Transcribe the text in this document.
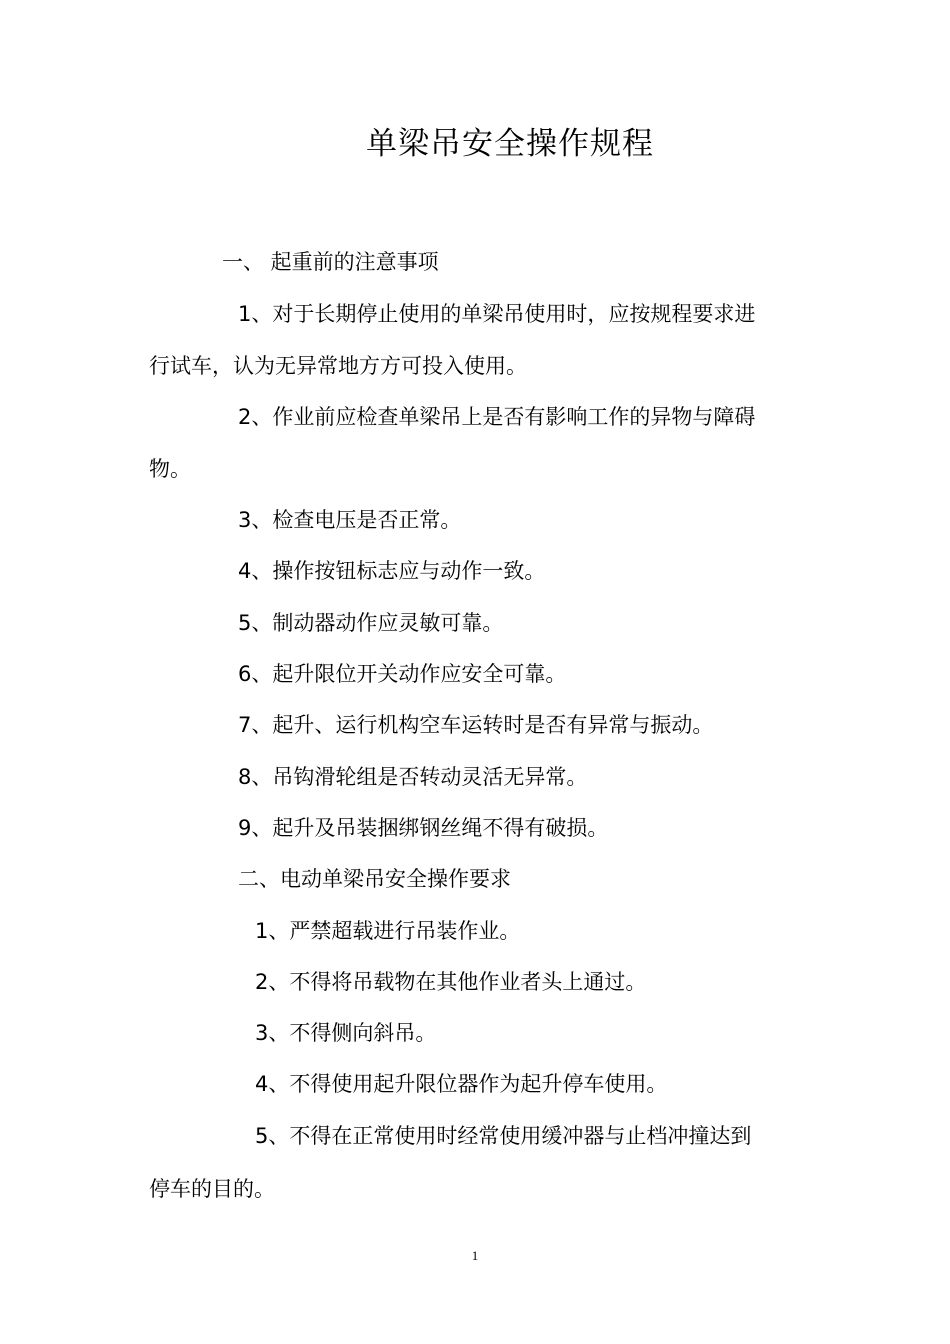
单梁吊安全操作规程
一、 起重前的注意事项
1、对于长期停止使用的单梁吊使用时，应按规程要求进
行试车，认为无异常地方方可投入使用。
2、作业前应检查单梁吊上是否有影响工作的异物与障碍
物。
3、检查电压是否正常。
4、操作按钮标志应与动作一致。
5、制动器动作应灵敏可靠。
6、起升限位开关动作应安全可靠。
7、起升、运行机构空车运转时是否有异常与振动。
8、吊钩滑轮组是否转动灵活无异常。
9、起升及吊装捆绑钢丝绳不得有破损。
二、电动单梁吊安全操作要求
1、严禁超载进行吊装作业。
2、不得将吊载物在其他作业者头上通过。
3、不得侧向斜吊。
4、不得使用起升限位器作为起升停车使用。
5、不得在正常使用时经常使用缓冲器与止档冲撞达到
停车的目的。
1
